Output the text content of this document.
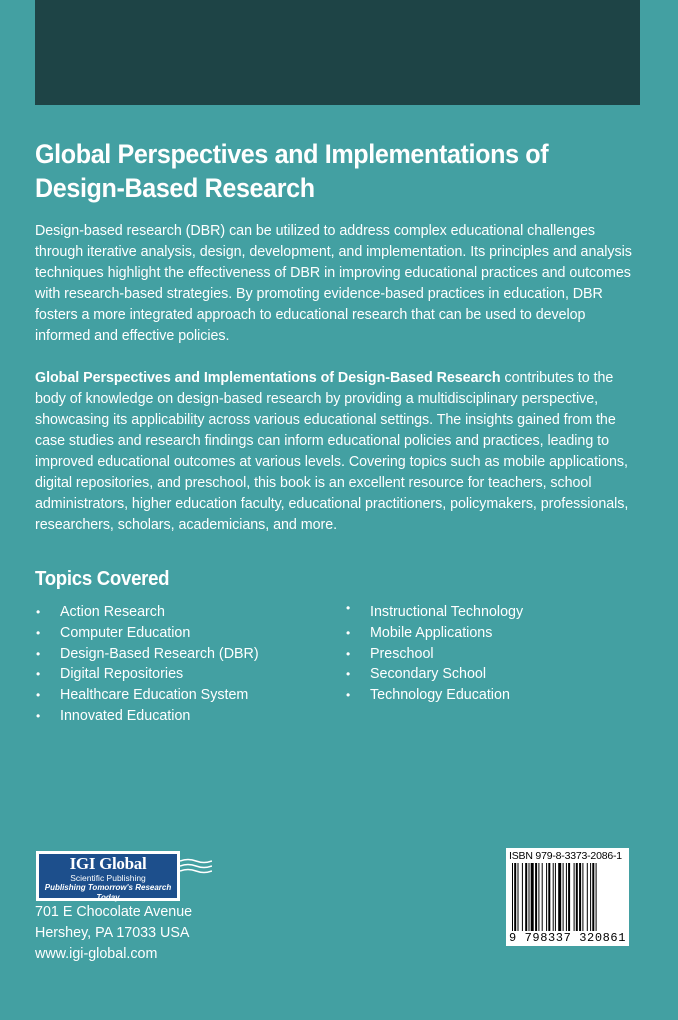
Global Perspectives and Implementations of Design-Based Research

Design-based research (DBR) can be utilized to address complex educational challenges through iterative analysis, design, development, and implementation. Its principles and analysis techniques highlight the effectiveness of DBR in improving educational practices and outcomes with research-based strategies. By promoting evidence-based practices in education, DBR fosters a more integrated approach to educational research that can be used to develop informed and effective policies.

Global Perspectives and Implementations of Design-Based Research contributes to the body of knowledge on design-based research by providing a multidisciplinary perspective, showcasing its applicability across various educational settings. The insights gained from the case studies and research findings can inform educational policies and practices, leading to improved educational outcomes at various levels. Covering topics such as mobile applications, digital repositories, and preschool, this book is an excellent resource for teachers, school administrators, higher education faculty, educational practitioners, policymakers, professionals, researchers, scholars, academicians, and more.

Topics Covered
• Action Research
• Computer Education
• Design-Based Research (DBR)
• Digital Repositories
• Healthcare Education System
• Innovated Education
• Instructional Technology
• Mobile Applications
• Preschool
• Secondary School
• Technology Education
IGI Global
Scientific Publishing
Publishing Tomorrow's Research Today

701 E Chocolate Avenue
Hershey, PA 17033 USA
www.igi-global.com

ISBN 979-8-3373-2086-1
9 798337 320861
